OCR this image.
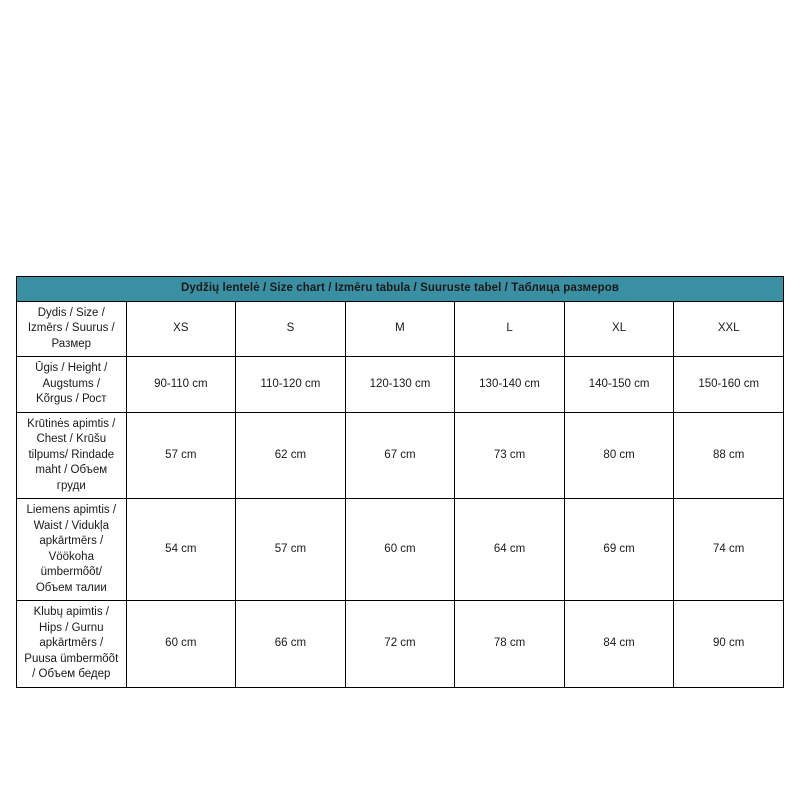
Dydžių lentelė / Size chart / Izmēru tabula / Suuruste tabel / Таблица размеров						
Dydis / Size / Izmērs / Suurus / Размер	XS	S	M	L	XL	XXL
Ūgis / Height / Augstums / Kõrgus / Рост	90-110 cm	110-120 cm	120-130 cm	130-140 cm	140-150 cm	150-160 cm
Krūtinės apimtis / Chest / Krūšu tilpums/ Rindade maht / Объем груди	57 cm	62 cm	67 cm	73 cm	80 cm	88 cm
Liemens apimtis / Waist / Vidukļa apkārtmērs / Vöökoha ümbermõõt/ Объем талии	54 cm	57 cm	60 cm	64 cm	69 cm	74 cm
Klubų apimtis / Hips / Gurnu apkārtmērs / Puusa ümbermõõt / Объем бедер	60 cm	66 cm	72 cm	78 cm	84 cm	90 cm
